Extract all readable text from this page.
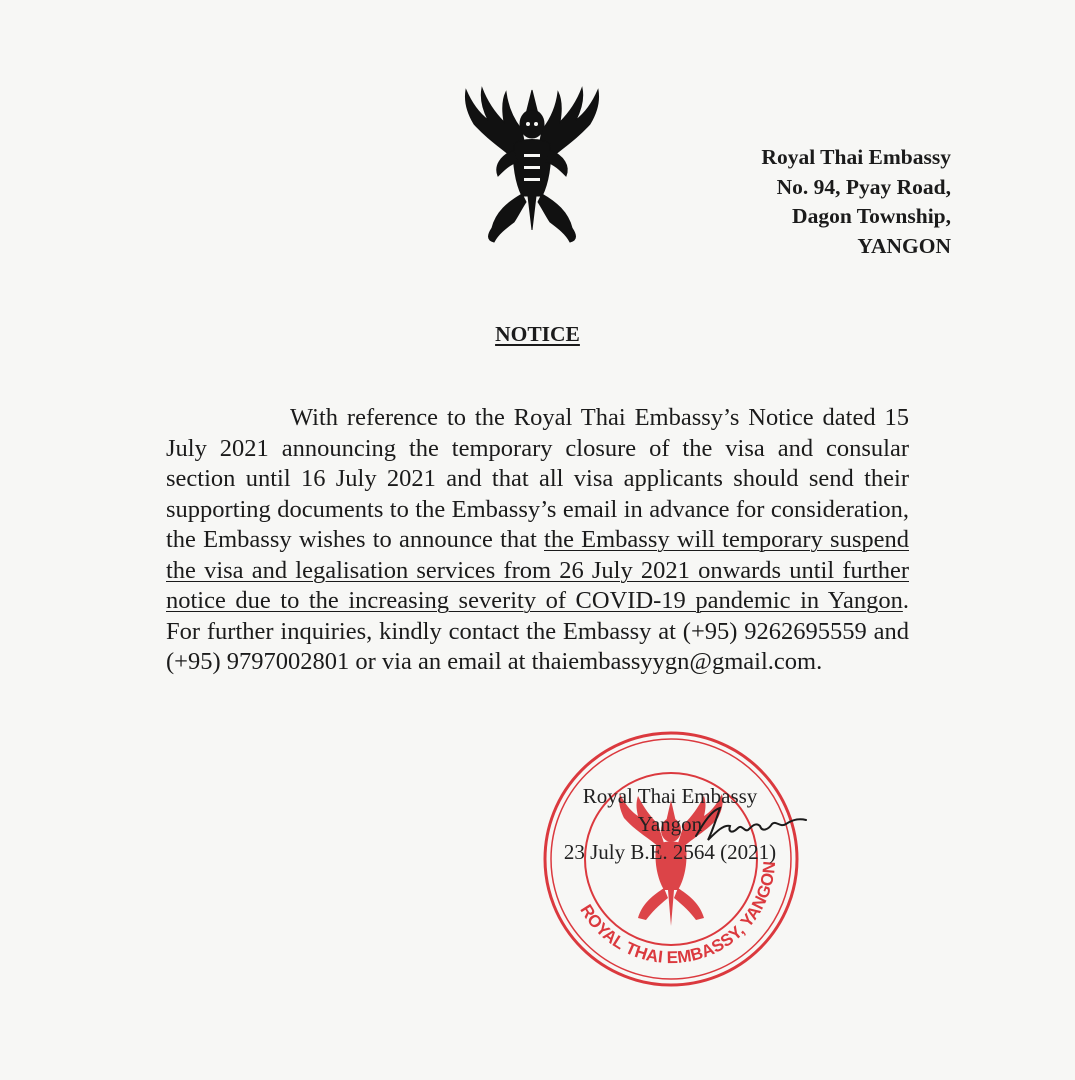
Royal Thai Embassy
No. 94, Pyay Road,
Dagon Township,
YANGON
NOTICE
With reference to the Royal Thai Embassy’s Notice dated 15 July 2021 announcing the temporary closure of the visa and consular section until 16 July 2021 and that all visa applicants should send their supporting documents to the Embassy’s email in advance for consideration, the Embassy wishes to announce that the Embassy will temporary suspend the visa and legalisation services from 26 July 2021 onwards until further notice due to the increasing severity of COVID-19 pandemic in Yangon. For further inquiries, kindly contact the Embassy at (+95) 9262695559 and (+95) 9797002801 or via an email at thaiembassyygn@gmail.com.
ROYAL THAI EMBASSY, YANGON
Royal Thai Embassy
Yangon
23 July B.E. 2564 (2021)
